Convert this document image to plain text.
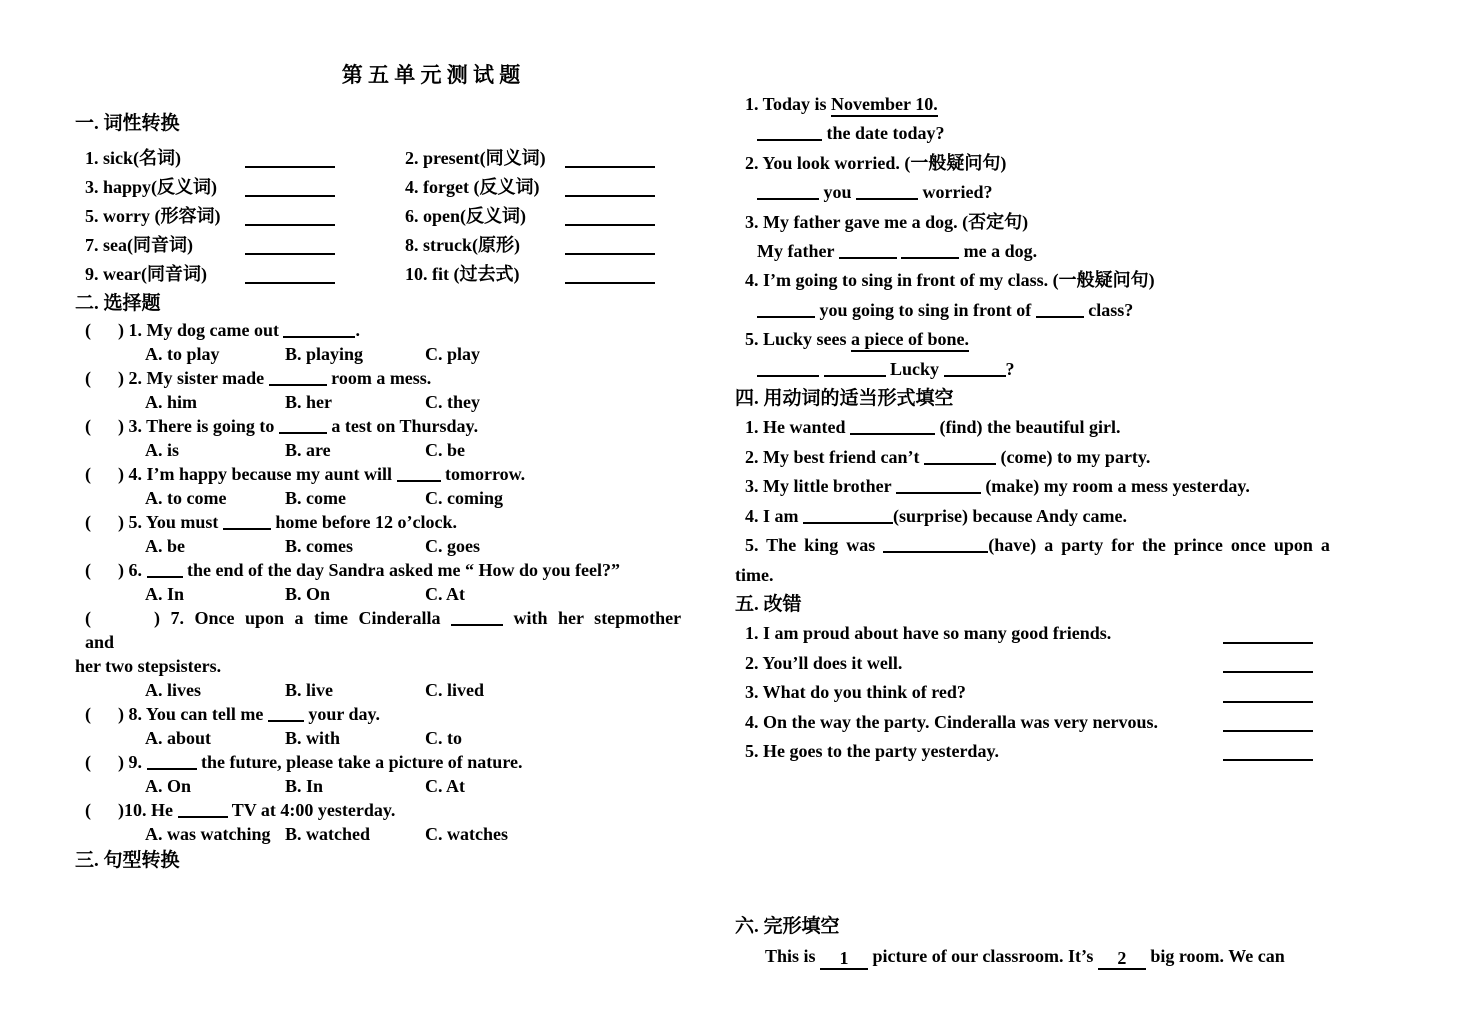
第 五 单 元 测 试 题
一. 词性转换
1. sick(名词)	2. present(同义词)
3. happy(反义词)	4. forget (反义词)
5. worry (形容词)	6. open(反义词)
7. sea(同音词)	8. struck(原形)
9. wear(同音词)	10. fit (过去式)
二. 选择题
(      ) 1. My dog came out	.
A. to play	B. playing	C. play
(      ) 2. My sister made	room a mess.
A. him	B. her	C. they
(      ) 3. There is going to	a test on Thursday.
A. is	B. are	C. be
(      ) 4. I’m happy because my aunt will	tomorrow.
A. to come	B. come	C. coming
(      ) 5. You must	home before 12 o’clock.
A. be	B. comes	C. goes
(      ) 6.	the end of the day Sandra asked me “ How do you feel?”
A. In	B. On	C. At
(      ) 7. Once upon a time Cinderalla	with her stepmother and
her two stepsisters.
A. lives	B. live	C. lived
(      ) 8. You can tell me	your day.
A. about	B. with	C. to
(      ) 9.	the future, please take a picture of nature.
A. On	B. In	C. At
(      )10. He	TV at 4:00 yesterday.
A. was watching B. watched	C. watches
三. 句型转换
1. Today is November 10.
the date today?
2. You look worried. (一般疑问句)
you	worried?
3. My father gave me a dog. (否定句)
My father	me a dog.
4. I’m going to sing in front of my class. (一般疑问句)
you going to sing in front of	class?
5. Lucky sees a piece of bone.
Lucky	?
四. 用动词的适当形式填空
1. He wanted	(find) the beautiful girl.
2. My best friend can’t	(come) to my party.
3. My little brother	(make) my room a mess yesterday.
4. I am	(surprise) because Andy came.
5. The king was	(have) a party for the prince once upon a
time.
五. 改错
1. I am proud about have so many good friends.
2. You’ll does it well.
3. What do you think of red?
4. On the way the party. Cinderalla was very nervous.
5. He goes to the party yesterday.
六. 完形填空
This is 1 picture of our classroom. It’s 2 big room. We can
